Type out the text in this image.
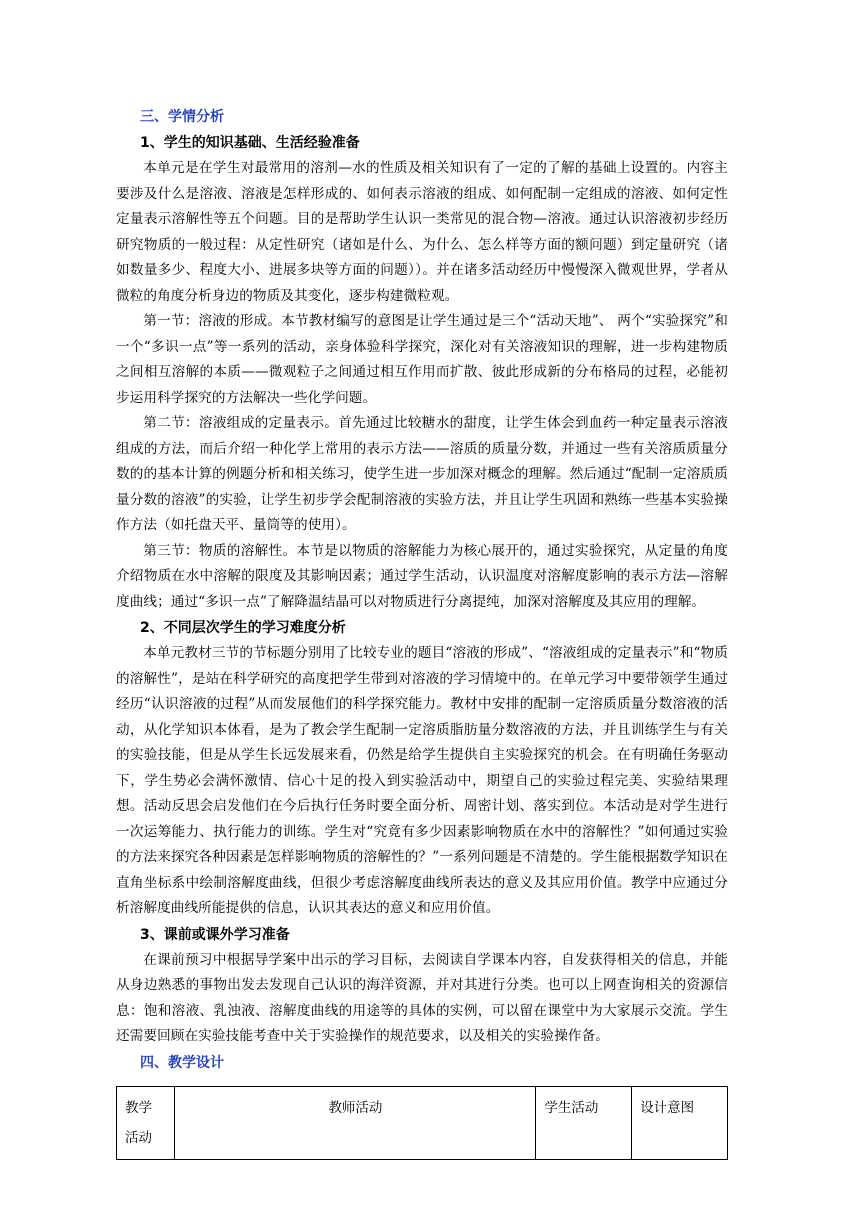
三、学情分析
1、学生的知识基础、生活经验准备

本单元是在学生对最常用的溶剂—水的性质及相关知识有了一定的了解的基础上设置的。内容主要涉及什么是溶液、溶液是怎样形成的、如何表示溶液的组成、如何配制一定组成的溶液、如何定性定量表示溶解性等五个问题。目的是帮助学生认识一类常见的混合物—溶液。通过认识溶液初步经历研究物质的一般过程：从定性研究（诸如是什么、为什么、怎么样等方面的额问题）到定量研究（诸如数量多少、程度大小、进展多块等方面的问题））。并在诸多活动经历中慢慢深入微观世界，学者从微粒的角度分析身边的物质及其变化，逐步构建微粒观。

第一节：溶液的形成。本节教材编写的意图是让学生通过是三个“活动天地”、 两个“实验探究”和一个“多识一点”等一系列的活动，亲身体验科学探究，深化对有关溶液知识的理解，进一步构建物质之间相互溶解的本质——微观粒子之间通过相互作用而扩散、彼此形成新的分布格局的过程，必能初步运用科学探究的方法解决一些化学问题。

第二节：溶液组成的定量表示。首先通过比较糖水的甜度，让学生体会到血药一种定量表示溶液组成的方法，而后介绍一种化学上常用的表示方法——溶质的质量分数，并通过一些有关溶质质量分数的的基本计算的例题分析和相关练习，使学生进一步加深对概念的理解。然后通过“配制一定溶质质量分数的溶液”的实验，让学生初步学会配制溶液的实验方法，并且让学生巩固和熟练一些基本实验操作方法（如托盘天平、量筒等的使用）。

第三节：物质的溶解性。本节是以物质的溶解能力为核心展开的，通过实验探究，从定量的角度介绍物质在水中溶解的限度及其影响因素；通过学生活动，认识温度对溶解度影响的表示方法—溶解度曲线；通过“多识一点”了解降温结晶可以对物质进行分离提纯，加深对溶解度及其应用的理解。

2、不同层次学生的学习难度分析

本单元教材三节的节标题分别用了比较专业的题目“溶液的形成”、“溶液组成的定量表示”和“物质的溶解性”，是站在科学研究的高度把学生带到对溶液的学习情境中的。在单元学习中要带领学生通过经历“认识溶液的过程”从而发展他们的科学探究能力。教材中安排的配制一定溶质质量分数溶液的活动，从化学知识本体看，是为了教会学生配制一定溶质脂肪量分数溶液的方法，并且训练学生与有关的实验技能，但是从学生长远发展来看，仍然是给学生提供自主实验探究的机会。在有明确任务驱动下，学生势必会满怀激情、信心十足的投入到实验活动中，期望自己的实验过程完美、实验结果理想。活动反思会启发他们在今后执行任务时要全面分析、周密计划、落实到位。本活动是对学生进行一次运筹能力、执行能力的训练。学生对“究竟有多少因素影响物质在水中的溶解性？”如何通过实验的方法来探究各种因素是怎样影响物质的溶解性的？”一系列问题是不清楚的。学生能根据数学知识在直角坐标系中绘制溶解度曲线，但很少考虑溶解度曲线所表达的意义及其应用价值。教学中应通过分析溶解度曲线所能提供的信息，认识其表达的意义和应用价值。

3、课前或课外学习准备

在课前预习中根据导学案中出示的学习目标，去阅读自学课本内容，自发获得相关的信息，并能从身边熟悉的事物出发去发现自己认识的海洋资源，并对其进行分类。也可以上网查询相关的资源信息：饱和溶液、乳浊液、溶解度曲线的用途等的具体的实例，可以留在课堂中为大家展示交流。学生还需要回顾在实验技能考查中关于实验操作的规范要求，以及相关的实验操作备。

四、教学设计
教学
活动
	教师活动	学生活动	设计意图
